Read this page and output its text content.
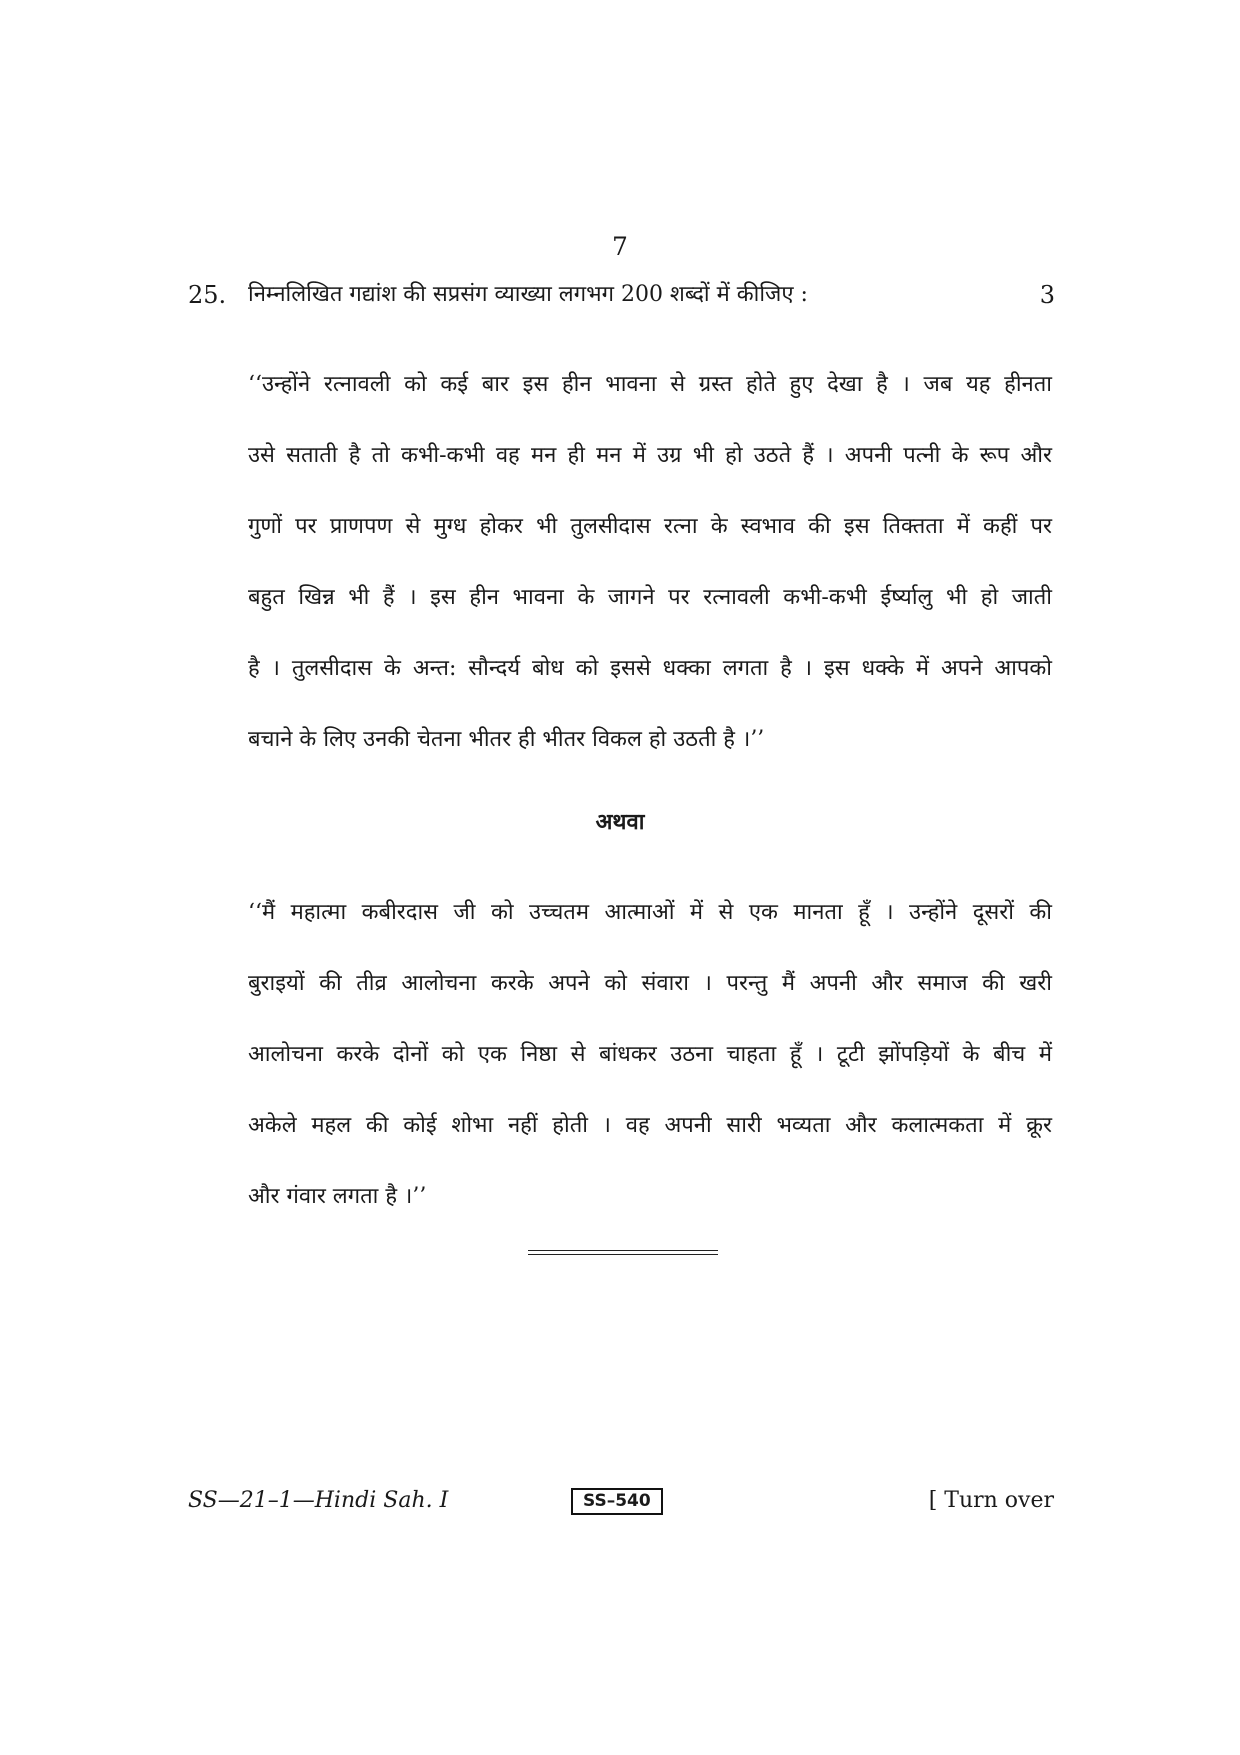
7
25. निम्नलिखित गद्यांश की सप्रसंग व्याख्या लगभग 200 शब्दों में कीजिए :	3
‘‘उन्होंने रत्नावली को कई बार इस हीन भावना से ग्रस्त होते हुए देखा है । जब यह हीनता
उसे सताती है तो कभी-कभी वह मन ही मन में उग्र भी हो उठते हैं । अपनी पत्नी के रूप और
गुणों पर प्राणपण से मुग्ध होकर भी तुलसीदास रत्ना के स्वभाव की इस तिक्तता में कहीं पर
बहुत खिन्न भी हैं । इस हीन भावना के जागने पर रत्नावली कभी-कभी ईर्ष्यालु भी हो जाती
है । तुलसीदास के अन्त: सौन्दर्य बोध को इससे धक्का लगता है । इस धक्के में अपने आपको
बचाने के लिए उनकी चेतना भीतर ही भीतर विकल हो उठती है ।’’
अथवा
‘‘मैं महात्मा कबीरदास जी को उच्चतम आत्माओं में से एक मानता हूँ । उन्होंने दूसरों की
बुराइयों की तीव्र आलोचना करके अपने को संवारा । परन्तु मैं अपनी और समाज की खरी
आलोचना करके दोनों को एक निष्ठा से बांधकर उठना चाहता हूँ । टूटी झोंपड़ियों के बीच में
अकेले महल की कोई शोभा नहीं होती । वह अपनी सारी भव्यता और कलात्मकता में क्रूर
और गंवार लगता है ।’’
SS—21–1—Hindi Sah. I	SS–540	[ Turn over
